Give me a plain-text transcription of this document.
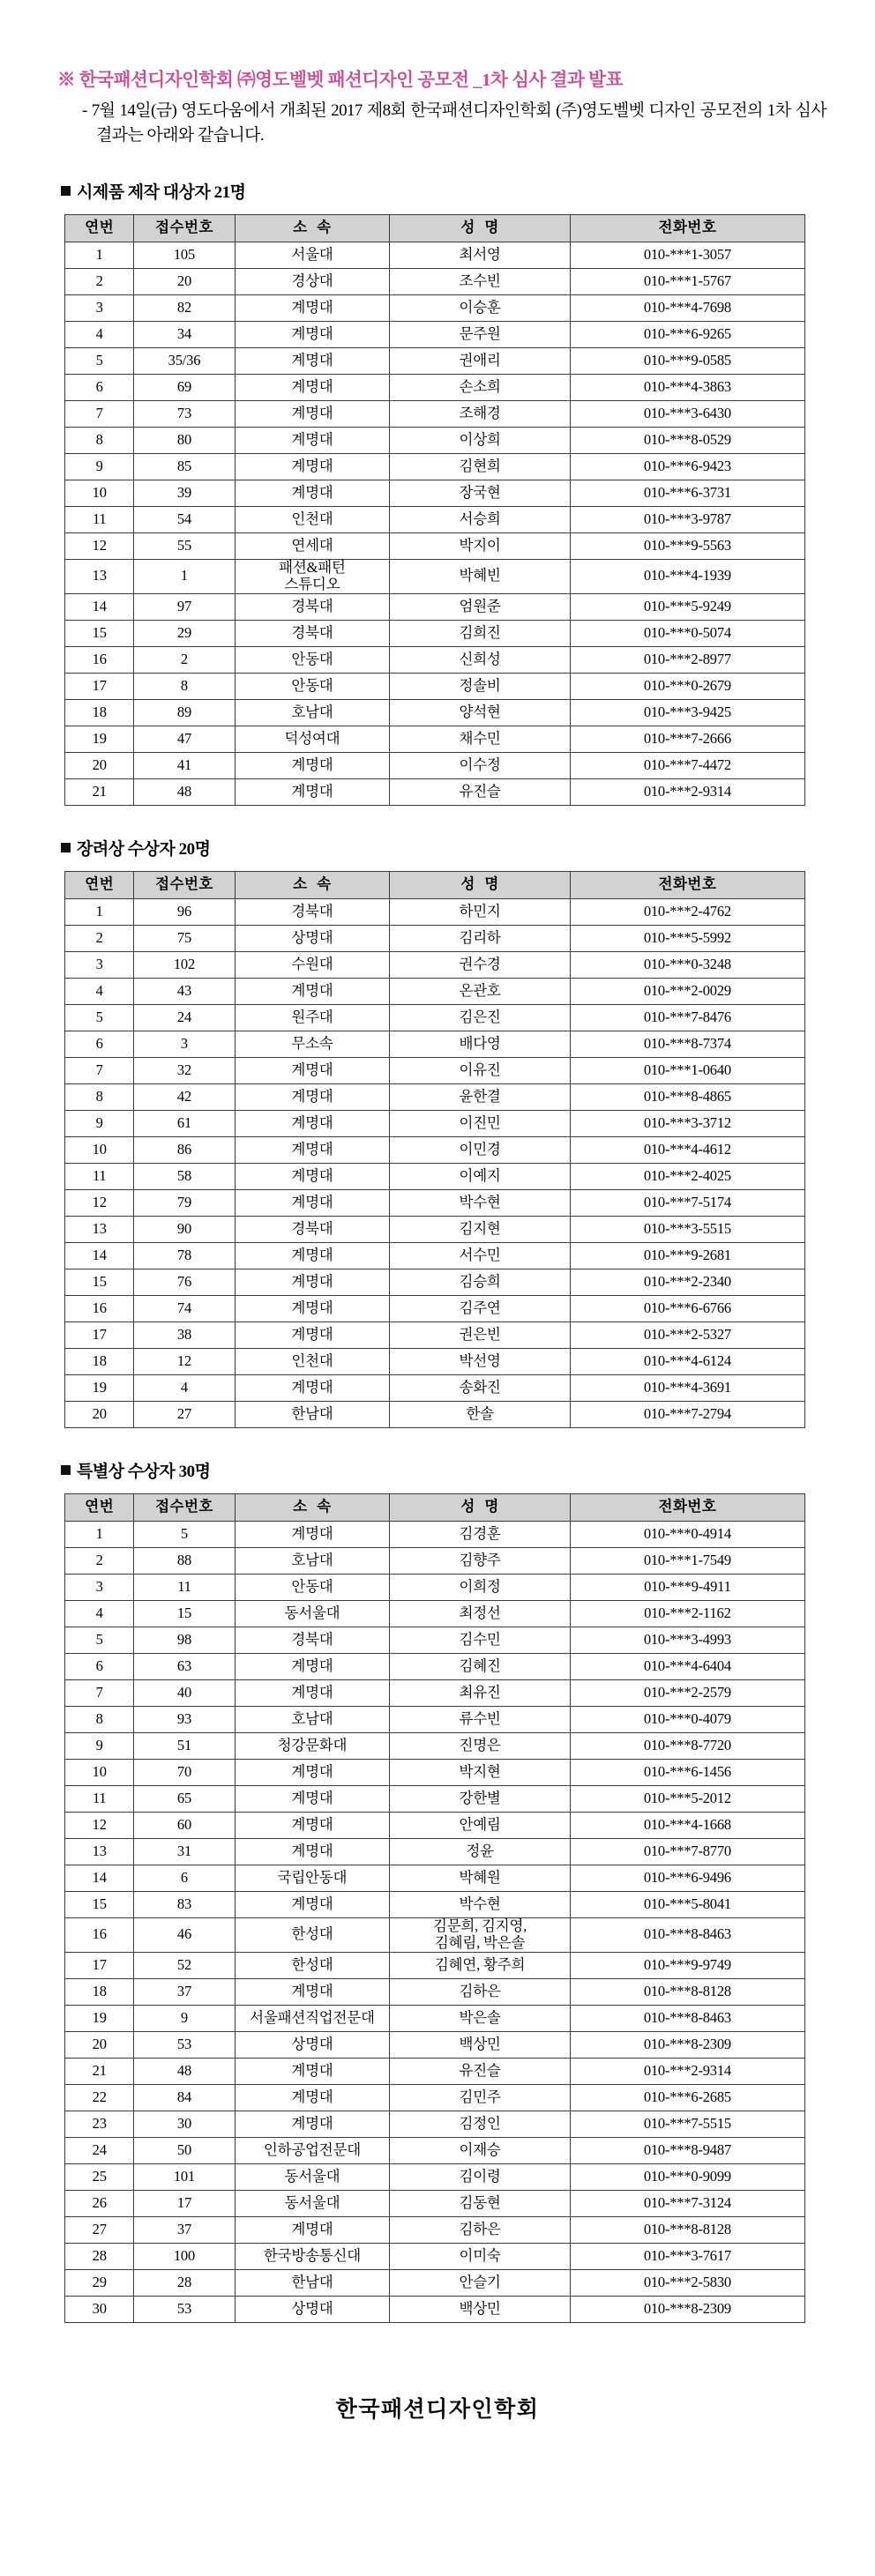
※ 한국패션디자인학회 ㈜영도벨벳 패션디자인 공모전 _1차 심사 결과 발표

- 7월 14일(금) 영도다움에서 개최된 2017 제8회 한국패션디자인학회 (주)영도벨벳 디자인 공모전의 1차 심사 결과는 아래와 같습니다.

시제품 제작 대상자 21명
연번	접수번호	소 속	성 명	전화번호
1	105	서울대	최서영	010-***1-3057
2	20	경상대	조수빈	010-***1-5767
3	82	계명대	이승훈	010-***4-7698
4	34	계명대	문주원	010-***6-9265
5	35/36	계명대	권애리	010-***9-0585
6	69	계명대	손소희	010-***4-3863
7	73	계명대	조해경	010-***3-6430
8	80	계명대	이상희	010-***8-0529
9	85	계명대	김현희	010-***6-9423
10	39	계명대	장국현	010-***6-3731
11	54	인천대	서승희	010-***3-9787
12	55	연세대	박지이	010-***9-5563
13	1	패션&패턴
스튜디오	박혜빈	010-***4-1939
14	97	경북대	엄원준	010-***5-9249
15	29	경북대	김희진	010-***0-5074
16	2	안동대	신희성	010-***2-8977
17	8	안동대	정솔비	010-***0-2679
18	89	호남대	양석현	010-***3-9425
19	47	덕성여대	채수민	010-***7-2666
20	41	계명대	이수정	010-***7-4472
21	48	계명대	유진슬	010-***2-9314
장려상 수상자 20명
연번	접수번호	소 속	성 명	전화번호
1	96	경북대	하민지	010-***2-4762
2	75	상명대	김리하	010-***5-5992
3	102	수원대	권수경	010-***0-3248
4	43	계명대	온관호	010-***2-0029
5	24	원주대	김은진	010-***7-8476
6	3	무소속	배다영	010-***8-7374
7	32	계명대	이유진	010-***1-0640
8	42	계명대	윤한결	010-***8-4865
9	61	계명대	이진민	010-***3-3712
10	86	계명대	이민경	010-***4-4612
11	58	계명대	이예지	010-***2-4025
12	79	계명대	박수현	010-***7-5174
13	90	경북대	김지현	010-***3-5515
14	78	계명대	서수민	010-***9-2681
15	76	계명대	김승희	010-***2-2340
16	74	계명대	김주연	010-***6-6766
17	38	계명대	권은빈	010-***2-5327
18	12	인천대	박선영	010-***4-6124
19	4	계명대	송화진	010-***4-3691
20	27	한남대	한솔	010-***7-2794
특별상 수상자 30명
연번	접수번호	소 속	성 명	전화번호
1	5	계명대	김경훈	010-***0-4914
2	88	호남대	김향주	010-***1-7549
3	11	안동대	이희정	010-***9-4911
4	15	동서울대	최정선	010-***2-1162
5	98	경북대	김수민	010-***3-4993
6	63	계명대	김혜진	010-***4-6404
7	40	계명대	최유진	010-***2-2579
8	93	호남대	류수빈	010-***0-4079
9	51	청강문화대	진명은	010-***8-7720
10	70	계명대	박지현	010-***6-1456
11	65	계명대	강한별	010-***5-2012
12	60	계명대	안예림	010-***4-1668
13	31	계명대	정윤	010-***7-8770
14	6	국립안동대	박혜원	010-***6-9496
15	83	계명대	박수현	010-***5-8041
16	46	한성대	김문희, 김지영,
김혜림, 박은솔	010-***8-8463
17	52	한성대	김혜연, 황주희	010-***9-9749
18	37	계명대	김하은	010-***8-8128
19	9	서울패션직업전문대	박은솔	010-***8-8463
20	53	상명대	백상민	010-***8-2309
21	48	계명대	유진슬	010-***2-9314
22	84	계명대	김민주	010-***6-2685
23	30	계명대	김정인	010-***7-5515
24	50	인하공업전문대	이재승	010-***8-9487
25	101	동서울대	김이령	010-***0-9099
26	17	동서울대	김동현	010-***7-3124
27	37	계명대	김하은	010-***8-8128
28	100	한국방송통신대	이미숙	010-***3-7617
29	28	한남대	안슬기	010-***2-5830
30	53	상명대	백상민	010-***8-2309
한국패션디자인학회
